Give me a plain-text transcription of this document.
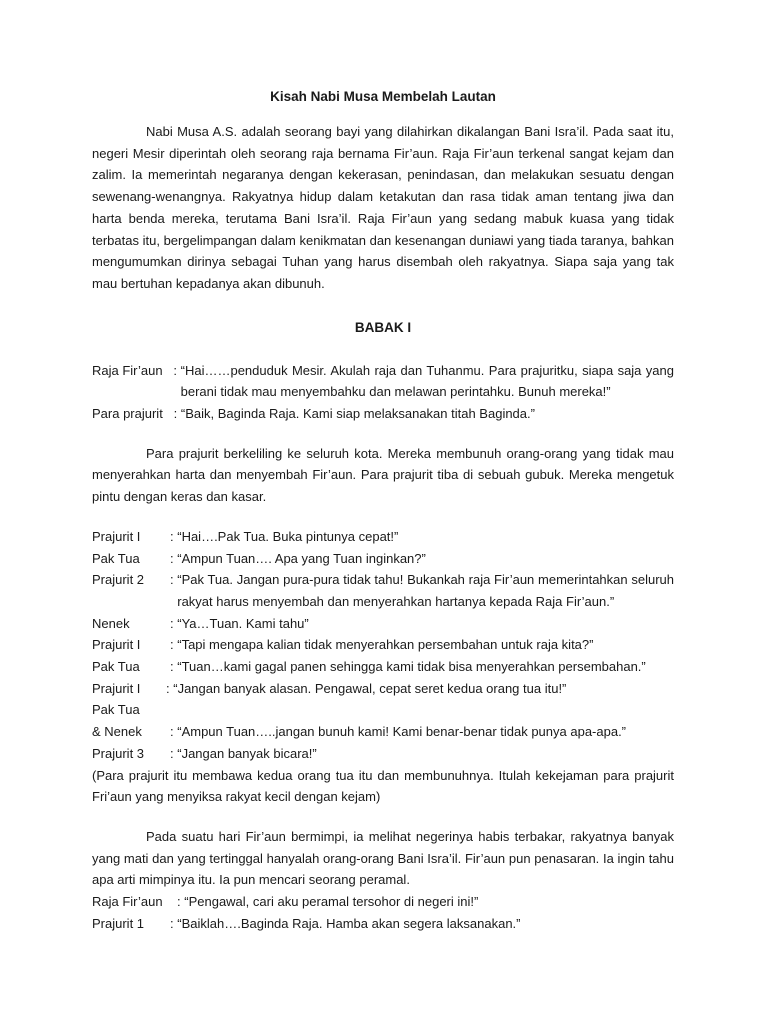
Kisah Nabi Musa Membelah Lautan

Nabi Musa A.S. adalah seorang bayi yang dilahirkan dikalangan Bani Isra’il. Pada saat itu, negeri Mesir diperintah oleh seorang raja bernama Fir’aun. Raja Fir’aun terkenal sangat kejam dan zalim. Ia memerintah negaranya dengan kekerasan, penindasan, dan melakukan sesuatu dengan sewenang-wenangnya. Rakyatnya hidup dalam ketakutan dan rasa tidak aman tentang jiwa dan harta benda mereka, terutama Bani Isra’il. Raja Fir’aun yang sedang mabuk kuasa yang tidak terbatas itu, bergelimpangan dalam kenikmatan dan kesenangan duniawi yang tiada taranya, bahkan mengumumkan dirinya sebagai Tuhan yang harus disembah oleh rakyatnya. Siapa saja yang tak mau bertuhan kepadanya akan dibunuh.

BABAK I
Raja Fir’aun : “Hai……penduduk Mesir. Akulah raja dan Tuhanmu. Para prajuritku, siapa saja yang berani tidak mau menyembahku dan melawan perintahku. Bunuh mereka!”
Para prajurit : “Baik, Baginda Raja. Kami siap melaksanakan titah Baginda.”

Para prajurit berkeliling ke seluruh kota. Mereka membunuh orang-orang yang tidak mau menyerahkan harta dan menyembah Fir’aun. Para prajurit tiba di sebuah gubuk. Mereka mengetuk pintu dengan keras dan kasar.

Prajurit I	: “Hai….Pak Tua. Buka pintunya cepat!”
Pak Tua	: “Ampun Tuan…. Apa yang Tuan inginkan?”
Prajurit 2	: “Pak Tua. Jangan pura-pura tidak tahu! Bukankah raja Fir’aun memerintahkan seluruh rakyat harus menyembah dan menyerahkan hartanya kepada Raja Fir’aun.”
Nenek	: “Ya…Tuan. Kami tahu”
Prajurit I	: “Tapi mengapa kalian tidak menyerahkan persembahan untuk raja kita?”
Pak Tua	: “Tuan…kami gagal panen sehingga kami tidak bisa menyerahkan persembahan.”
Prajurit I	: “Jangan banyak alasan. Pengawal, cepat seret kedua orang tua itu!”
Pak Tua
& Nenek	: “Ampun Tuan…..jangan bunuh kami! Kami benar-benar tidak punya apa-apa.”
Prajurit 3	: “Jangan banyak bicara!”

(Para prajurit itu membawa kedua orang tua itu dan membunuhnya. Itulah kekejaman para prajurit Fri’aun yang menyiksa rakyat kecil dengan kejam)

Pada suatu hari Fir’aun bermimpi, ia melihat negerinya habis terbakar, rakyatnya banyak yang mati dan yang tertinggal hanyalah orang-orang Bani Isra’il. Fir’aun pun penasaran. Ia ingin tahu apa arti mimpinya itu. Ia pun mencari seorang peramal.

Raja Fir’aun : “Pengawal, cari aku peramal tersohor di negeri ini!”
Prajurit 1	: “Baiklah….Baginda Raja. Hamba akan segera laksanakan.”
